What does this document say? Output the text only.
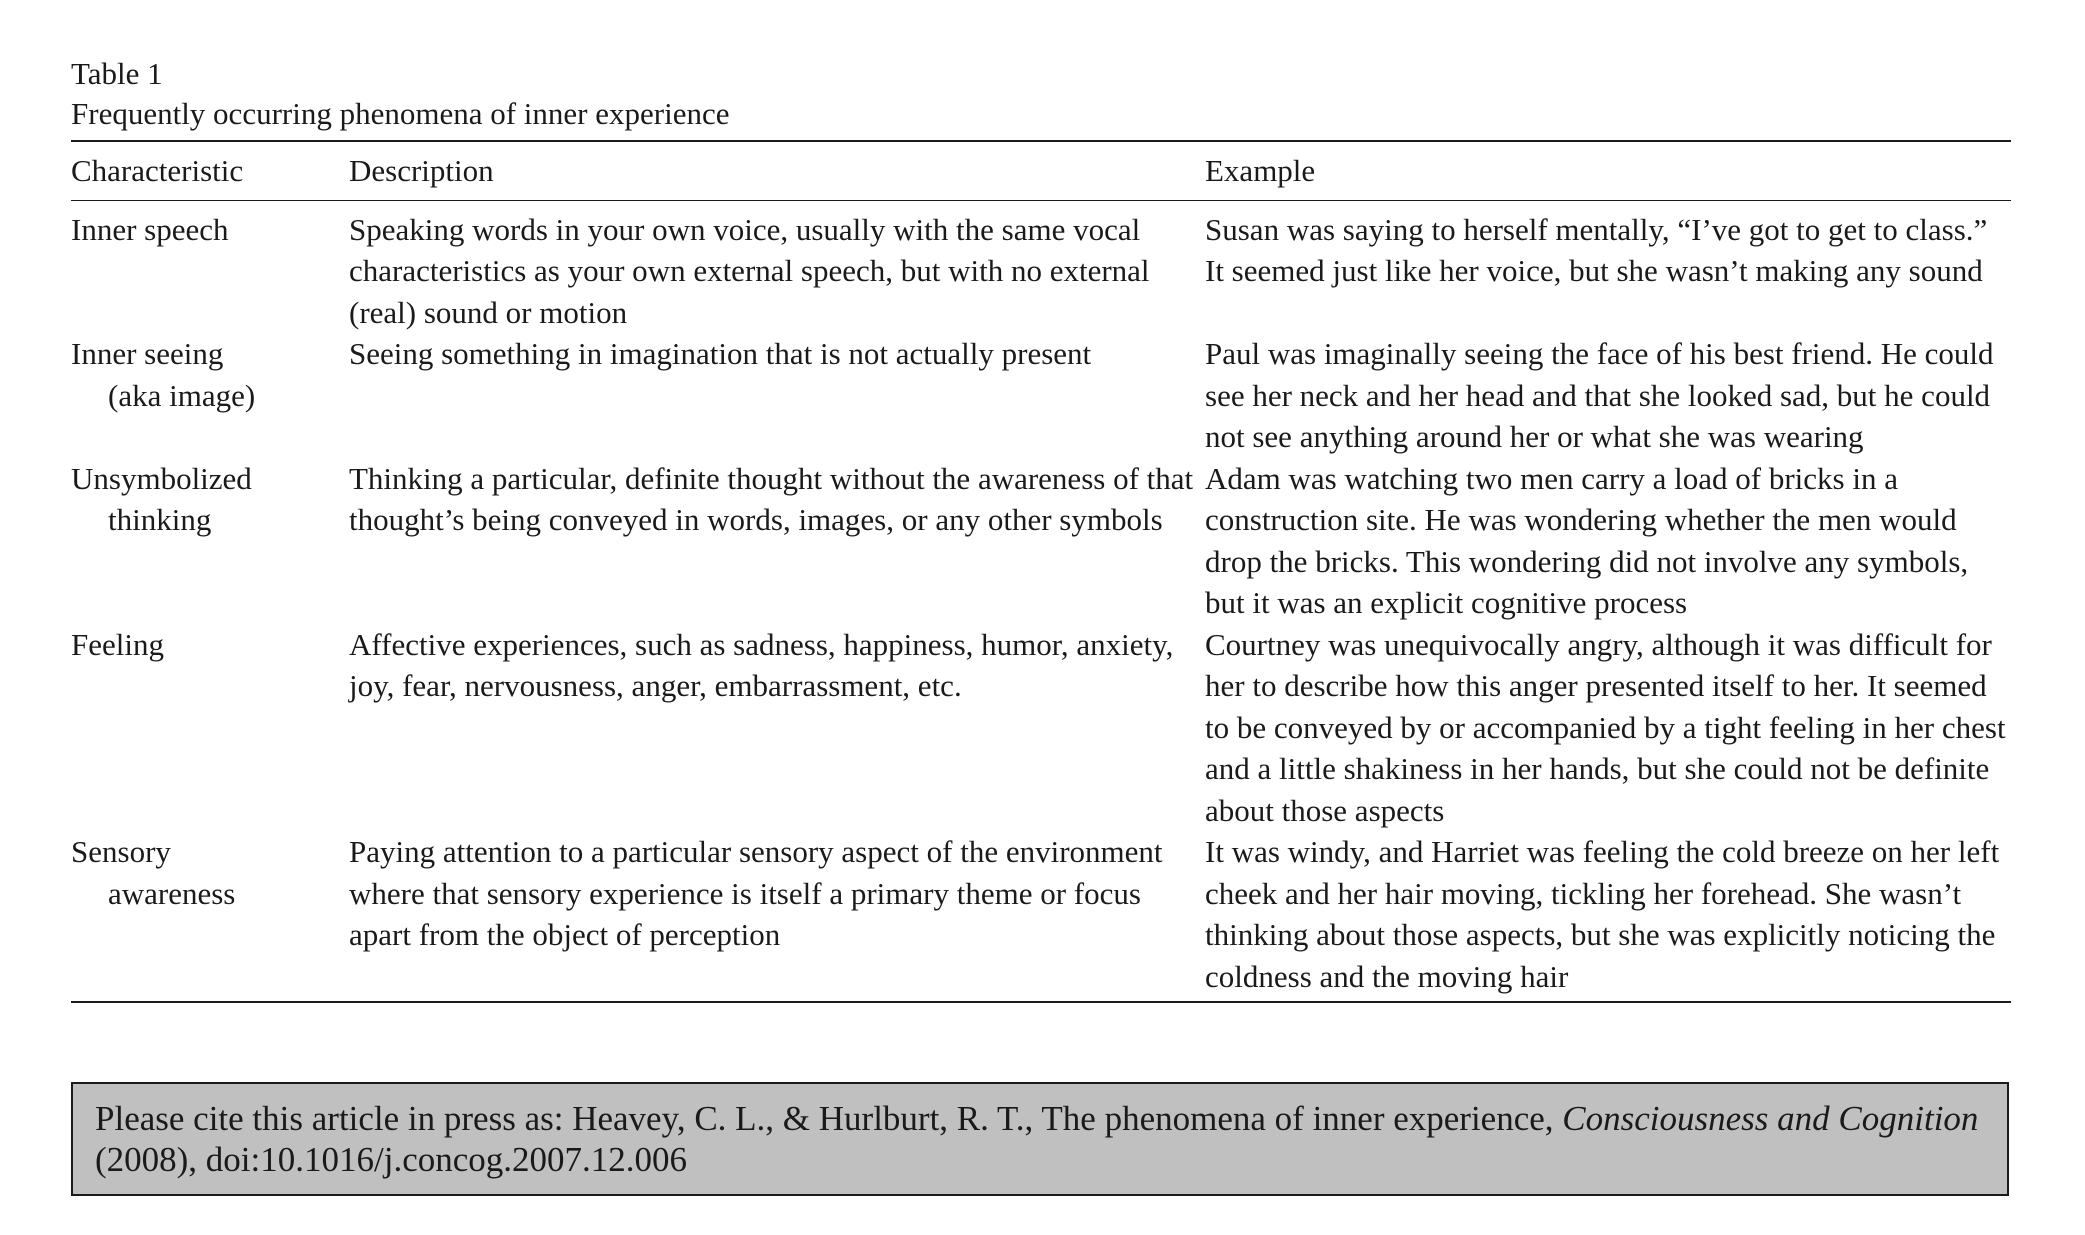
Table 1

Frequently occurring phenomena of inner experience

Characteristic	Description	Example
Inner speech	Speaking words in your own voice, usually with the same vocal characteristics as your own external speech, but with no external (real) sound or motion	Susan was saying to herself mentally, “I’ve got to get to class.” It seemed just like her voice, but she wasn’t making any sound
Inner seeing
(aka image)	Seeing something in imagination that is not actually present	Paul was imaginally seeing the face of his best friend. He could see her neck and her head and that she looked sad, but he could not see anything around her or what she was wearing
Unsymbolized
thinking	Thinking a particular, definite thought without the awareness of that thought’s being conveyed in words, images, or any other symbols	Adam was watching two men carry a load of bricks in a construction site. He was wondering whether the men would drop the bricks. This wondering did not involve any symbols, but it was an explicit cognitive process
Feeling	Affective experiences, such as sadness, happiness, humor, anxiety, joy, fear, nervousness, anger, embarrassment, etc.	Courtney was unequivocally angry, although it was difficult for her to describe how this anger presented itself to her. It seemed to be conveyed by or accompanied by a tight feeling in her chest and a little shakiness in her hands, but she could not be definite about those aspects
Sensory
awareness	Paying attention to a particular sensory aspect of the environment where that sensory experience is itself a primary theme or focus apart from the object of perception	It was windy, and Harriet was feeling the cold breeze on her left cheek and her hair moving, tickling her forehead. She wasn’t thinking about those aspects, but she was explicitly noticing the coldness and the moving hair
Please cite this article in press as: Heavey, C. L., & Hurlburt, R. T., The phenomena of inner experience, Consciousness and Cognition (2008), doi:10.1016/j.concog.2007.12.006
